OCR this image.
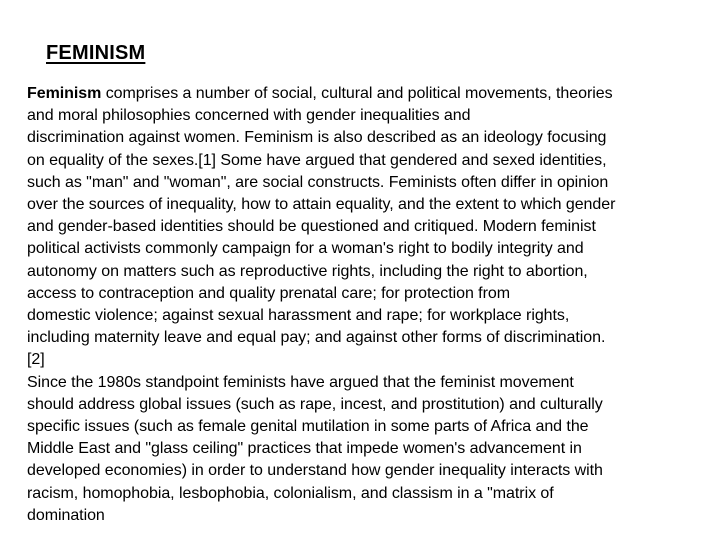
FEMINISM
Feminism comprises a number of social, cultural and political movements, theories
and moral philosophies concerned with gender inequalities and
discrimination against women. Feminism is also described as an ideology focusing
on equality of the sexes.[1] Some have argued that gendered and sexed identities,
such as "man" and "woman", are social constructs. Feminists often differ in opinion
over the sources of inequality, how to attain equality, and the extent to which gender
and gender-based identities should be questioned and critiqued. Modern feminist
political activists commonly campaign for a woman's right to bodily integrity and
autonomy on matters such as reproductive rights, including the right to abortion,
access to contraception and quality prenatal care; for protection from
domestic violence; against sexual harassment and rape; for workplace rights,
including maternity leave and equal pay; and against other forms of discrimination.
[2]
Since the 1980s standpoint feminists have argued that the feminist movement
should address global issues (such as rape, incest, and prostitution) and culturally
specific issues (such as female genital mutilation in some parts of Africa and the
Middle East and "glass ceiling" practices that impede women's advancement in
developed economies) in order to understand how gender inequality interacts with
racism, homophobia, lesbophobia, colonialism, and classism in a "matrix of
domination
